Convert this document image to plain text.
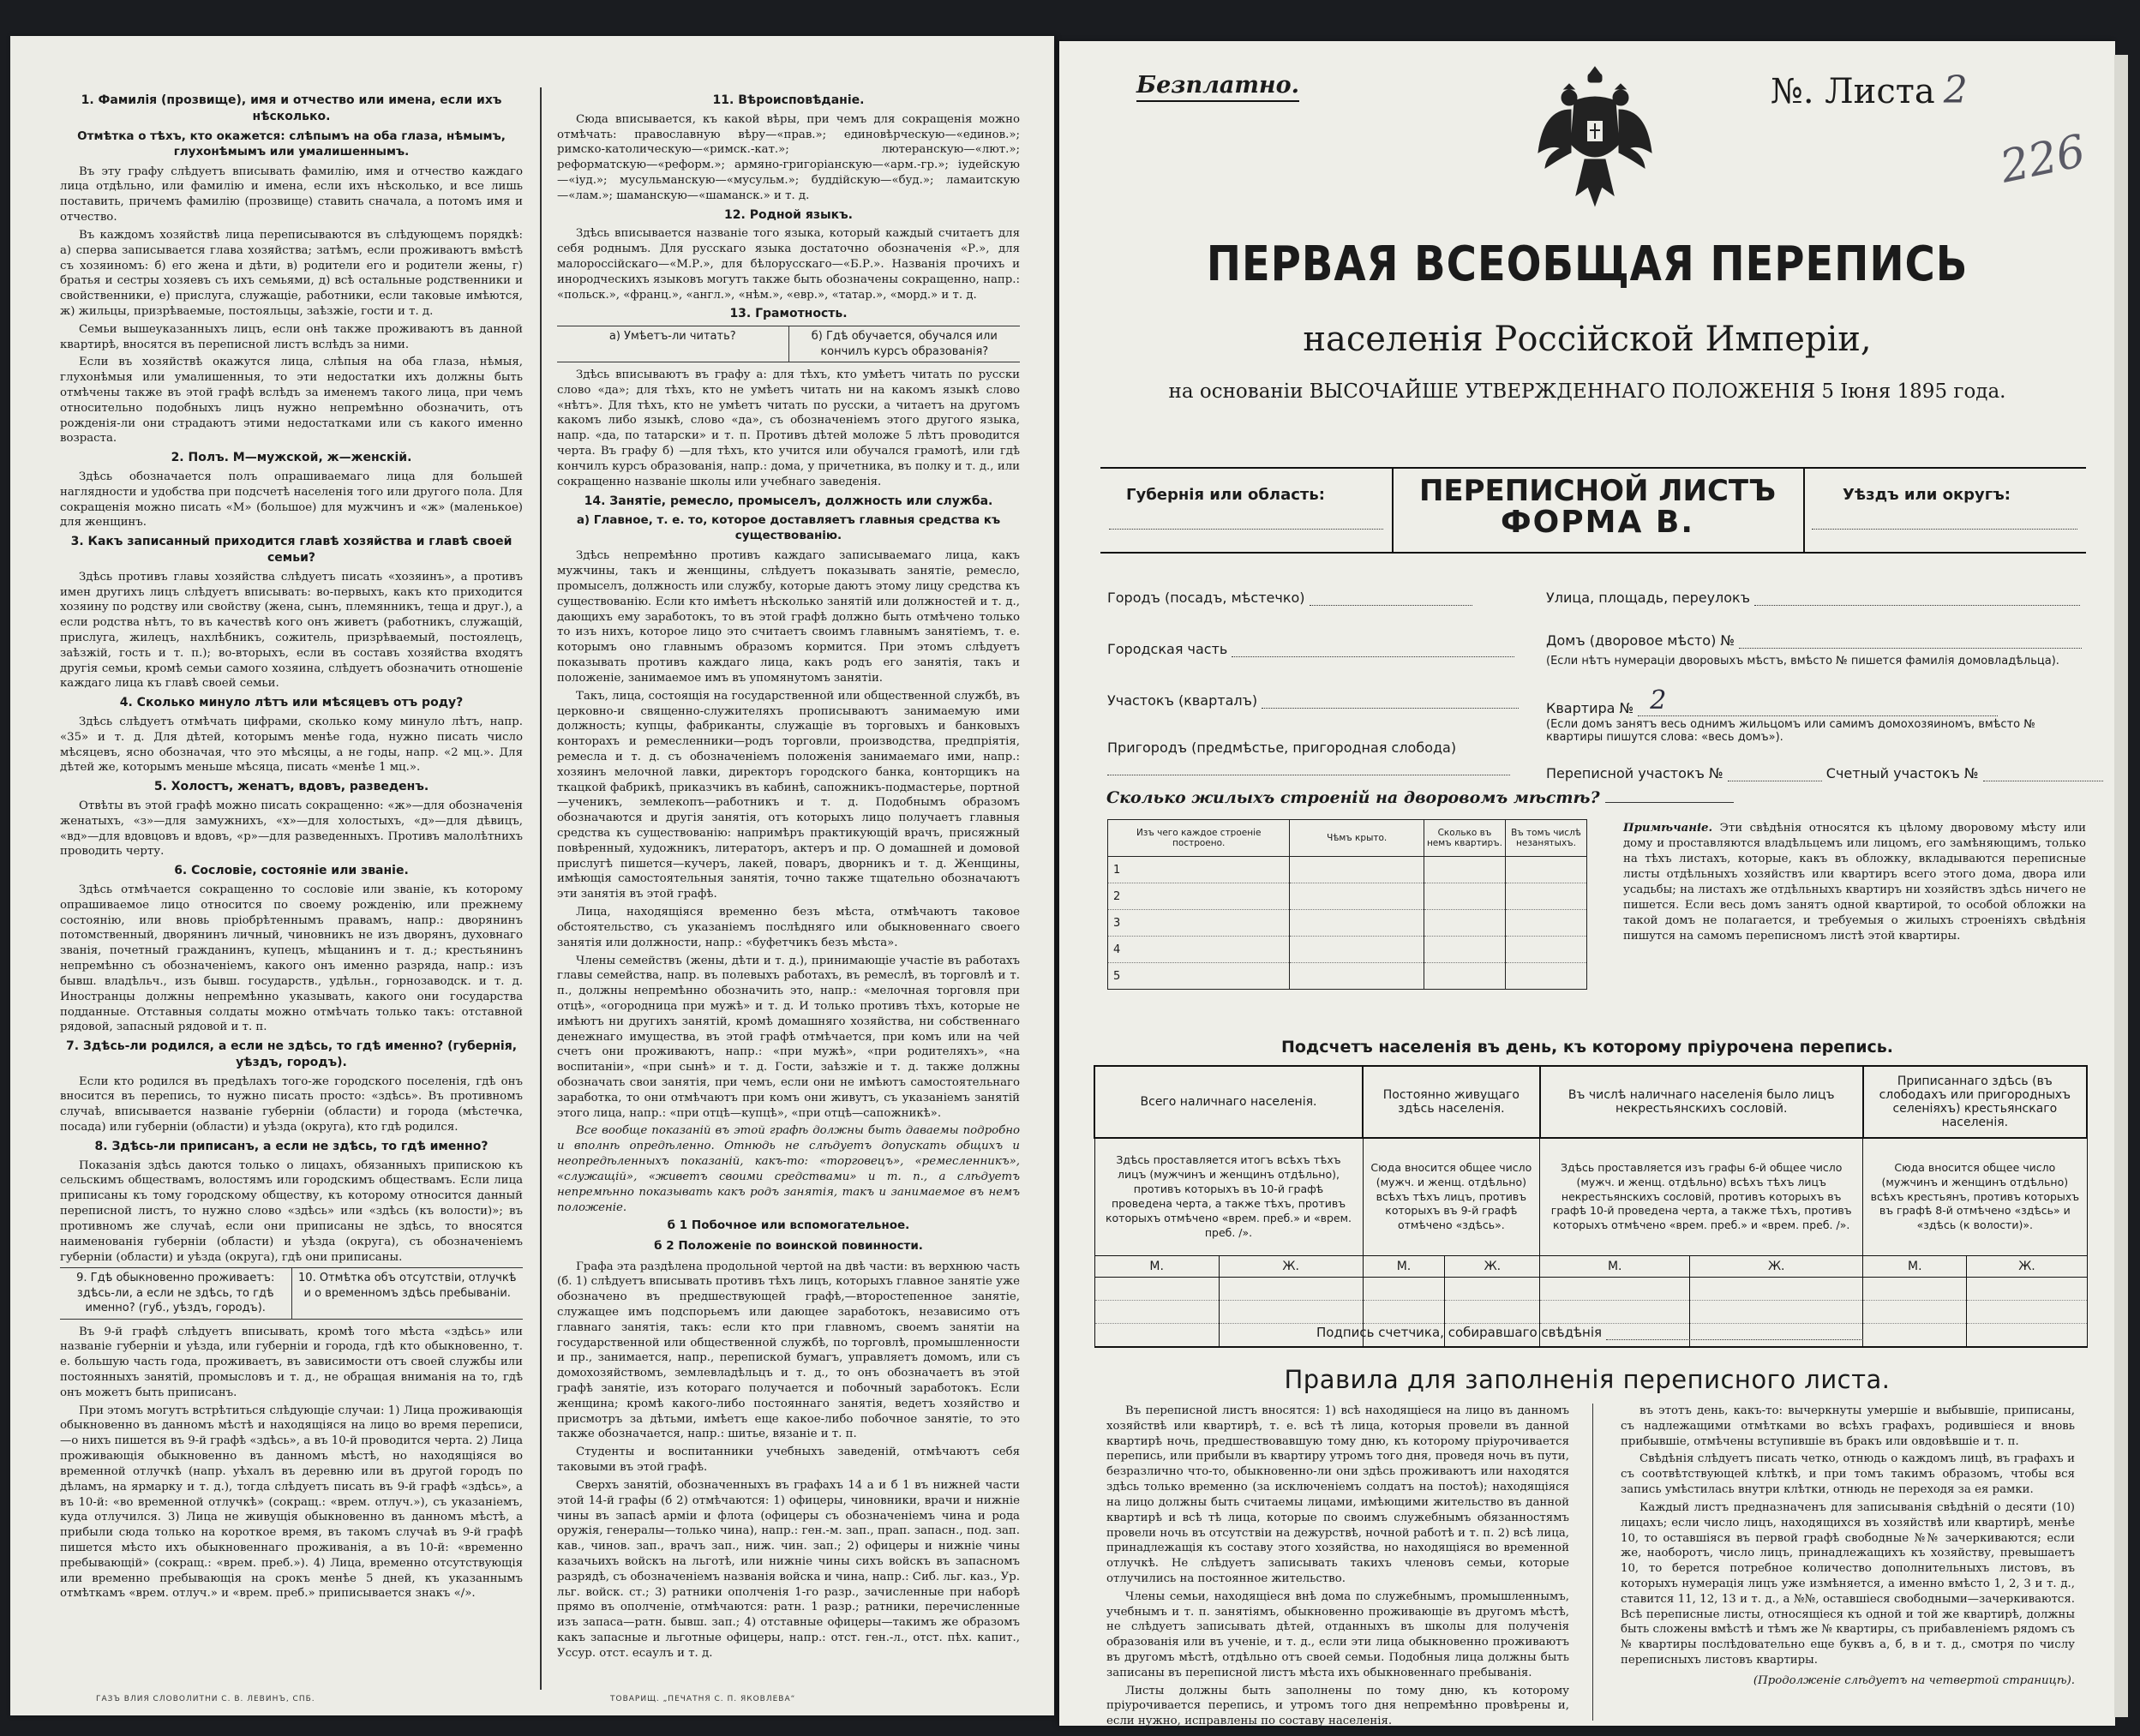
1. Фамилія (прозвище), имя и отчество или имена, если ихъ нѣсколько.
Отмѣтка о тѣхъ, кто окажется: слѣпымъ на оба глаза, нѣмымъ, глухонѣмымъ или умалишеннымъ.

Въ эту графу слѣдуетъ вписывать фамилію, имя и отчество каждаго лица отдѣльно, или фамилію и имена, если ихъ нѣсколько, и все лишь поставить, причемъ фамилію (прозвище) ставить сначала, а потомъ имя и отчество.

Въ каждомъ хозяйствѣ лица переписываются въ слѣдующемъ порядкѣ: а) сперва записывается глава хозяйства; затѣмъ, если проживаютъ вмѣстѣ съ хозяиномъ: б) его жена и дѣти, в) родители его и родители жены, г) братья и сестры хозяевъ съ ихъ семьями, д) всѣ остальные родственники и свойственники, е) прислуга, служащіе, работники, если таковые имѣются, ж) жильцы, призрѣваемые, постояльцы, заѣзжіе, гости и т. д.

Семьи вышеуказанныхъ лицъ, если онѣ также проживаютъ въ данной квартирѣ, вносятся въ переписной листъ вслѣдъ за ними.

Если въ хозяйствѣ окажутся лица, слѣпыя на оба глаза, нѣмыя, глухонѣмыя или умалишенныя, то эти недостатки ихъ должны быть отмѣчены также въ этой графѣ вслѣдъ за именемъ такого лица, при чемъ относительно подобныхъ лицъ нужно непремѣнно обозначить, отъ рожденія-ли они страдаютъ этими недостатками или съ какого именно возраста.

2. Полъ. М—мужской, ж—женскій.

Здѣсь обозначается полъ опрашиваемаго лица для большей наглядности и удобства при подсчетѣ населенія того или другого пола. Для сокращенія можно писать «М» (большое) для мужчинъ и «ж» (маленькое) для женщинъ.

3. Какъ записанный приходится главѣ хозяйства и главѣ своей семьи?

Здѣсь противъ главы хозяйства слѣдуетъ писать «хозяинъ», а противъ имен другихъ лицъ слѣдуетъ вписывать: во-первыхъ, какъ кто приходится хозяину по родству или свойству (жена, сынъ, племянникъ, теща и друг.), а если родства нѣтъ, то въ качествѣ кого онъ живетъ (работникъ, служащій, прислуга, жилецъ, нахлѣбникъ, сожитель, призрѣваемый, постоялецъ, заѣзжій, гость и т. п.); во-вторыхъ, если въ составъ хозяйства входятъ другія семьи, кромѣ семьи самого хозяина, слѣдуетъ обозначить отношеніе каждаго лица къ главѣ своей семьи.

4. Сколько минуло лѣтъ или мѣсяцевъ отъ роду?

Здѣсь слѣдуетъ отмѣчать цифрами, сколько кому минуло лѣтъ, напр. «35» и т. д. Для дѣтей, которымъ менѣе года, нужно писать число мѣсяцевъ, ясно обозначая, что это мѣсяцы, а не годы, напр. «2 мц.». Для дѣтей же, которымъ меньше мѣсяца, писать «менѣе 1 мц.».

5. Холостъ, женатъ, вдовъ, разведенъ.

Отвѣты въ этой графѣ можно писать сокращенно: «ж»—для обозначенія женатыхъ, «з»—для замужнихъ, «х»—для холостыхъ, «д»—для дѣвицъ, «вд»—для вдовцовъ и вдовъ, «р»—для разведенныхъ. Противъ малолѣтнихъ проводить черту.

6. Сословіе, состояніе или званіе.

Здѣсь отмѣчается сокращенно то сословіе или званіе, къ которому опрашиваемое лицо относится по своему рожденію, или прежнему состоянію, или вновь пріобрѣтеннымъ правамъ, напр.: дворянинъ потомственный, дворянинъ личный, чиновникъ не изъ дворянъ, духовнаго званія, почетный гражданинъ, купецъ, мѣщанинъ и т. д.; крестьянинъ непремѣнно съ обозначеніемъ, какого онъ именно разряда, напр.: изъ бывш. владѣльч., изъ бывш. государств., удѣльн., горнозаводск. и т. д. Иностранцы должны непремѣнно указывать, какого они государства подданные. Отставныя солдаты можно отмѣчать только такъ: отставной рядовой, запасный рядовой и т. п.

7. Здѣсь-ли родился, а если не здѣсь, то гдѣ именно? (губернія, уѣздъ, городъ).

Если кто родился въ предѣлахъ того-же городского поселенія, гдѣ онъ вносится въ перепись, то нужно писать просто: «здѣсь». Въ противномъ случаѣ, вписывается названіе губерніи (области) и города (мѣстечка, посада) или губерніи (области) и уѣзда (округа), кто гдѣ родился.

8. Здѣсь-ли приписанъ, а если не здѣсь, то гдѣ именно?

Показанія здѣсь даются только о лицахъ, обязанныхъ припискою къ сельскимъ обществамъ, волостямъ или городскимъ обществамъ. Если лица приписаны къ тому городскому обществу, къ которому относится данный переписной листъ, то нужно слово «здѣсь» или «здѣсь (къ волости)»; въ противномъ же случаѣ, если они приписаны не здѣсь, то вносятся наименованія губерніи (области) и уѣзда (округа), съ обозначеніемъ губерніи (области) и уѣзда (округа), гдѣ они приписаны.

9. Гдѣ обыкновенно проживаетъ: здѣсь-ли, а если не здѣсь, то гдѣ именно? (губ., уѣздъ, городъ).
10. Отмѣтка объ отсутствіи, отлучкѣ и о временномъ здѣсь пребываніи.

Въ 9-й графѣ слѣдуетъ вписывать, кромѣ того мѣста «здѣсь» или названіе губерніи и уѣзда, или губерніи и города, гдѣ кто обыкновенно, т. е. большую часть года, проживаетъ, въ зависимости отъ своей службы или постоянныхъ занятій, промысловъ и т. д., не обращая вниманія на то, гдѣ онъ можетъ быть приписанъ.

При этомъ могутъ встрѣтиться слѣдующіе случаи: 1) Лица проживающія обыкновенно въ данномъ мѣстѣ и находящіяся на лицо во время переписи,—о нихъ пишется въ 9-й графѣ «здѣсь», а въ 10-й проводится черта. 2) Лица проживающія обыкновенно въ данномъ мѣстѣ, но находящіяся во временной отлучкѣ (напр. уѣхалъ въ деревню или въ другой городъ по дѣламъ, на ярмарку и т. д.), тогда слѣдуетъ писать въ 9-й графѣ «здѣсь», а въ 10-й: «во временной отлучкѣ» (сокращ.: «врем. отлуч.»), съ указаніемъ, куда отлучился. 3) Лица не живущія обыкновенно въ данномъ мѣстѣ, а прибыли сюда только на короткое время, въ такомъ случаѣ въ 9-й графѣ пишется мѣсто ихъ обыкновеннаго проживанія, а въ 10-й: «временно пребывающій» (сокращ.: «врем. преб.»). 4) Лица, временно отсутствующія или временно пребывающія на срокъ менѣе 5 дней, къ указаннымъ отмѣткамъ «врем. отлуч.» и «врем. преб.» приписывается знакъ «/».

11. Вѣроисповѣданіе.

Сюда вписывается, къ какой вѣры, при чемъ для сокращенія можно отмѣчать: православную вѣру—«прав.»; единовѣрческую—«единов.»; римско-католическую—«римск.-кат.»; лютеранскую—«лют.»; реформатскую—«реформ.»; армяно-григоріанскую—«арм.-гр.»; іудейскую—«іуд.»; мусульманскую—«мусульм.»; буддійскую—«буд.»; ламаитскую—«лам.»; шаманскую—«шаманск.» и т. д.

12. Родной языкъ.

Здѣсь вписывается названіе того языка, который каждый считаетъ для себя роднымъ. Для русскаго языка достаточно обозначенія «Р.», для малороссійскаго—«М.Р.», для бѣлорусскаго—«Б.Р.». Названія прочихъ и инородческихъ языковъ могутъ также быть обозначены сокращенно, напр.: «польск.», «франц.», «англ.», «нѣм.», «евр.», «татар.», «морд.» и т. д.

13. Грамотность.
а) Умѣетъ-ли читать?	б) Гдѣ обучается, обучался или кончилъ курсъ образованія?

Здѣсь вписываютъ въ графу а: для тѣхъ, кто умѣетъ читать по русски слово «да»; для тѣхъ, кто не умѣетъ читать ни на какомъ языкѣ слово «нѣтъ». Для тѣхъ, кто не умѣетъ читать по русски, а читаетъ на другомъ какомъ либо языкѣ, слово «да», съ обозначеніемъ этого другого языка, напр. «да, по татарски» и т. п. Противъ дѣтей моложе 5 лѣтъ проводится черта. Въ графу б) —для тѣхъ, кто учится или обучался грамотѣ, или гдѣ кончилъ курсъ образованія, напр.: дома, у причетника, въ полку и т. д., или сокращенно названіе школы или учебнаго заведенія.

14. Занятіе, ремесло, промыселъ, должность или служба.
а) Главное, т. е. то, которое доставляетъ главныя средства къ существованію.

Здѣсь непремѣнно противъ каждаго записываемаго лица, какъ мужчины, такъ и женщины, слѣдуетъ показывать занятіе, ремесло, промыселъ, должность или службу, которые даютъ этому лицу средства къ существованію. Если кто имѣетъ нѣсколько занятій или должностей и т. д., дающихъ ему заработокъ, то въ этой графѣ должно быть отмѣчено только то изъ нихъ, которое лицо это считаетъ своимъ главнымъ занятіемъ, т. е. которымъ оно главнымъ образомъ кормится. При этомъ слѣдуетъ показывать противъ каждаго лица, какъ родъ его занятія, такъ и положеніе, занимаемое имъ въ упомянутомъ занятіи.

Такъ, лица, состоящія на государственной или общественной службѣ, въ церковно-и священно-служителяхъ прописываютъ занимаемую ими должность; купцы, фабриканты, служащіе въ торговыхъ и банковыхъ конторахъ и ремесленники—родъ торговли, производства, предпріятія, ремесла и т. д. съ обозначеніемъ положенія занимаемаго ими, напр.: хозяинъ мелочной лавки, директоръ городского банка, конторщикъ на ткацкой фабрикѣ, приказчикъ въ кабинѣ, сапожникъ-подмастерье, портной—ученикъ, землекопъ—работникъ и т. д. Подобнымъ образомъ обозначаются и другія занятія, отъ которыхъ лицо получаетъ главныя средства къ существованію: напримѣръ практикующій врачъ, присяжный повѣренный, художникъ, литераторъ, актеръ и пр. О домашней и домовой прислугѣ пишется—кучеръ, лакей, поваръ, дворникъ и т. д. Женщины, имѣющія самостоятельныя занятія, точно также тщательно обозначаютъ эти занятія въ этой графѣ.

Лица, находящіяся временно безъ мѣста, отмѣчаютъ таковое обстоятельство, съ указаніемъ послѣдняго или обыкновеннаго своего занятія или должности, напр.: «буфетчикъ безъ мѣста».

Члены семействъ (жены, дѣти и т. д.), принимающіе участіе въ работахъ главы семейства, напр. въ полевыхъ работахъ, въ ремеслѣ, въ торговлѣ и т. п., должны непремѣнно обозначить это, напр.: «мелочная торговля при отцѣ», «огородница при мужѣ» и т. д. И только противъ тѣхъ, которые не имѣютъ ни другихъ занятій, кромѣ домашняго хозяйства, ни собственнаго денежнаго имущества, въ этой графѣ отмѣчается, при комъ или на чей счетъ они проживаютъ, напр.: «при мужѣ», «при родителяхъ», «на воспитаніи», «при сынѣ» и т. д. Гости, заѣзжіе и т. д. также должны обозначать свои занятія, при чемъ, если они не имѣютъ самостоятельнаго заработка, то они отмѣчаютъ при комъ они живутъ, съ указаніемъ занятій этого лица, напр.: «при отцѣ—купцѣ», «при отцѣ—сапожникѣ».

Все вообще показаній въ этой графѣ должны быть даваемы подробно и вполнѣ опредѣленно. Отнюдь не слѣдуетъ допускать общихъ и неопредѣленныхъ показаній, какъ-то: «торговецъ», «ремесленникъ», «служащій», «живетъ своими средствами» и т. п., а слѣдуетъ непремѣнно показывать какъ родъ занятія, такъ и занимаемое въ немъ положеніе.

б 1 Побочное или вспомогательное.
б 2 Положеніе по воинской повинности.

Графа эта раздѣлена продольной чертой на двѣ части: въ верхнюю часть (б. 1) слѣдуетъ вписывать противъ тѣхъ лицъ, которыхъ главное занятіе уже обозначено въ предшествующей графѣ,—второстепенное занятіе, служащее имъ подспорьемъ или дающее заработокъ, независимо отъ главнаго занятія, такъ: если кто при главномъ, своемъ занятіи на государственной или общественной службѣ, по торговлѣ, промышленности и пр., занимается, напр., перепиской бумагъ, управляетъ домомъ, или съ домохозяйствомъ, землевладѣльцъ и т. д., то онъ обозначаетъ въ этой графѣ занятіе, изъ котораго получается и побочный заработокъ. Если женщина; кромѣ какого-либо постояннаго занятія, ведетъ хозяйство и присмотръ за дѣтьми, имѣетъ еще какое-либо побочное занятіе, то это также обозначается, напр.: шитье, вязаніе и т. п.

Студенты и воспитанники учебныхъ заведеній, отмѣчаютъ себя таковыми въ этой графѣ.

Сверхъ занятій, обозначенныхъ въ графахъ 14 а и б 1 въ нижней части этой 14-й графы (б 2) отмѣчаются: 1) офицеры, чиновники, врачи и нижніе чины въ запасѣ арміи и флота (офицеры съ обозначеніемъ чина и рода оружія, генералы—только чина), напр.: ген.-м. зап., прап. запасн., под. зап. кав., чинов. зап., врачъ зап., ниж. чин. зап.; 2) офицеры и нижніе чины казачьихъ войскъ на льготѣ, или нижніе чины сихъ войскъ въ запасномъ разрядѣ, съ обозначеніемъ названія войска и чина, напр.: Сиб. льг. каз., Ур. льг. войск. ст.; 3) ратники ополченія 1-го разр., зачисленные при наборѣ прямо въ ополченіе, отмѣчаются: ратн. 1 разр.; ратники, перечисленные изъ запаса—ратн. бывш. зап.; 4) отставные офицеры—такимъ же образомъ какъ запасные и льготные офицеры, напр.: отст. ген.-л., отст. пѣх. капит., Уссур. отст. есаулъ и т. д.

ГАЗЪ ВЛИЯ СЛОВОЛИТНИ С. В. ЛЕВИНЪ, СПБ.	ТОВАРИЩ. „ПЕЧАТНЯ С. П. ЯКОВЛЕВА“
Безплатно.	№. Листа 2
226
ПЕРВАЯ ВСЕОБЩАЯ ПЕРЕПИСЬ
населенія Россійской Имперіи,
на основаніи ВЫСОЧАЙШЕ УТВЕРЖДЕННАГО ПОЛОЖЕНІЯ 5 Іюня 1895 года.
Губернія или область:	ПЕРЕПИСНОЙ ЛИСТЪ
ФОРМА В.
Уѣздъ или округъ:
Городъ (посадъ, мѣстечко)
Городская часть
Участокъ (кварталъ)
Пригородъ (предмѣстье, пригородная слобода)
Улица, площадь, переулокъ
Домъ (дворовое мѣсто) №
(Если нѣтъ нумераціи дворовыхъ мѣстъ, вмѣсто № пишется фамилія домовладѣльца).
Квартира № 2
(Если домъ занятъ весь однимъ жильцомъ или самимъ домохозяиномъ, вмѣсто № квартиры пишутся слова: «весь домъ»).
Переписной участокъ №	Счетный участокъ №
Сколько жилыхъ строеній на дворовомъ мѣстѣ?
Изъ чего каждое строеніе построено.	Чѣмъ крыто.	Сколько въ немъ квартиръ.	Въ томъ числѣ незанятыхъ.
1			
2			
3			
4			
5			
Примѣчаніе. Эти свѣдѣнія относятся къ цѣлому дворовому мѣсту или дому и проставляются владѣльцемъ или лицомъ, его замѣняющимъ, только на тѣхъ листахъ, которые, какъ въ обложку, вкладываются переписные листы отдѣльныхъ хозяйствъ или квартиръ всего этого дома, двора или усадьбы; на листахъ же отдѣльныхъ квартиръ ни хозяйствъ здѣсь ничего не пишется. Если весь домъ занятъ одной квартирой, то особой обложки на такой домъ не полагается, и требуемыя о жилыхъ строеніяхъ свѣдѣнія пишутся на самомъ переписномъ листѣ этой квартиры.
Подсчетъ населенія въ день, къ которому пріурочена перепись.
Всего наличнаго населенія.		Постоянно живущаго здѣсь населенія.		Въ числѣ наличнаго населенія было лицъ некрестьянскихъ сословій.		Приписаннаго здѣсь (въ слободахъ или пригородныхъ селеніяхъ) крестьянскаго населенія.	
Здѣсь проставляется итогъ всѣхъ тѣхъ лицъ (мужчинъ и женщинъ отдѣльно), противъ которыхъ въ 10-й графѣ проведена черта, а также тѣхъ, противъ которыхъ отмѣчено «врем. преб.» и «врем. преб. /».		Сюда вносится общее число (мужч. и женщ. отдѣльно) всѣхъ тѣхъ лицъ, противъ которыхъ въ 9-й графѣ отмѣчено «здѣсь».		Здѣсь проставляется изъ графы 6-й общее число (мужч. и женщ. отдѣльно) всѣхъ тѣхъ лицъ некрестьянскихъ сословій, противъ которыхъ въ графѣ 10-й проведена черта, а также тѣхъ, противъ которыхъ отмѣчено «врем. преб.» и «врем. преб. /».		Сюда вносится общее число (мужчинъ и женщинъ отдѣльно) всѣхъ крестьянъ, противъ которыхъ въ графѣ 8-й отмѣчено «здѣсь» и «здѣсь (к волости)».	
М.	Ж.	М.	Ж.	М.	Ж.	М.	Ж.

Подпись счетчика, собиравшаго свѣдѣнія
Правила для заполненія переписного листа.

Въ переписной листъ вносятся: 1) всѣ находящіеся на лицо въ данномъ хозяйствѣ или квартирѣ, т. е. всѣ тѣ лица, которыя провели въ данной квартирѣ ночь, предшествовавшую тому дню, къ которому пріурочивается перепись, или прибыли въ квартиру утромъ того дня, проведя ночь въ пути, безразлично что-то, обыкновенно-ли они здѣсь проживаютъ или находятся здѣсь только временно (за исключеніемъ солдатъ на постоѣ); находящіяся на лицо должны быть считаемы лицами, имѣющими жительство въ данной квартирѣ и всѣ тѣ лица, которые по своимъ служебнымъ обязанностямъ провели ночь въ отсутствіи на дежурствѣ, ночной работѣ и т. п. 2) всѣ лица, принадлежащія къ составу этого хозяйства, но находящіяся во временной отлучкѣ. Не слѣдуетъ записывать такихъ членовъ семьи, которые отлучились на постоянное жительство.

Члены семьи, находящіеся внѣ дома по служебнымъ, промышленнымъ, учебнымъ и т. п. занятіямъ, обыкновенно проживающіе въ другомъ мѣстѣ, не слѣдуетъ записывать дѣтей, отданныхъ въ школы для полученія образованія или въ ученіе, и т. д., если эти лица обыкновенно проживаютъ въ другомъ мѣстѣ, отдѣльно отъ своей семьи. Подобныя лица должны быть записаны въ переписной листъ мѣста ихъ обыкновеннаго пребыванія.

Листы должны быть заполнены по тому дню, къ которому пріурочивается перепись, и утромъ того дня непремѣнно провѣрены и, если нужно, исправлены по составу населенія.

въ этотъ день, какъ-то: вычеркнуты умершіе и выбывшіе, приписаны, съ надлежащими отмѣтками во всѣхъ графахъ, родившіеся и вновь прибывшіе, отмѣчены вступившіе въ бракъ или овдовѣвшіе и т. п.

Свѣдѣнія слѣдуетъ писать четко, отнюдь о каждомъ лицѣ, въ графахъ и съ соотвѣтствующей клѣткѣ, и при томъ такимъ образомъ, чтобы вся запись умѣстилась внутри клѣтки, отнюдь не переходя за ея рамки.

Каждый листъ предназначенъ для записыванія свѣдѣній о десяти (10) лицахъ; если число лицъ, находящихся въ хозяйствѣ или квартирѣ, менѣе 10, то оставшіяся въ первой графѣ свободные №№ зачеркиваются; если же, наоборотъ, число лицъ, принадлежащихъ къ хозяйству, превышаетъ 10, то берется потребное количество дополнительныхъ листовъ, въ которыхъ нумерація лицъ уже измѣняется, а именно вмѣсто 1, 2, 3 и т. д., ставится 11, 12, 13 и т. д., а №№, оставшіеся свободными—зачеркиваются. Всѣ переписные листы, относящіеся къ одной и той же квартирѣ, должны быть сложены вмѣстѣ и тѣмъ же № квартиры, съ прибавленіемъ рядомъ съ № квартиры послѣдовательно еще буквъ а, б, в и т. д., смотря по числу переписныхъ листовъ квартиры.

(Продолженіе слѣдуетъ на четвертой страницѣ).
